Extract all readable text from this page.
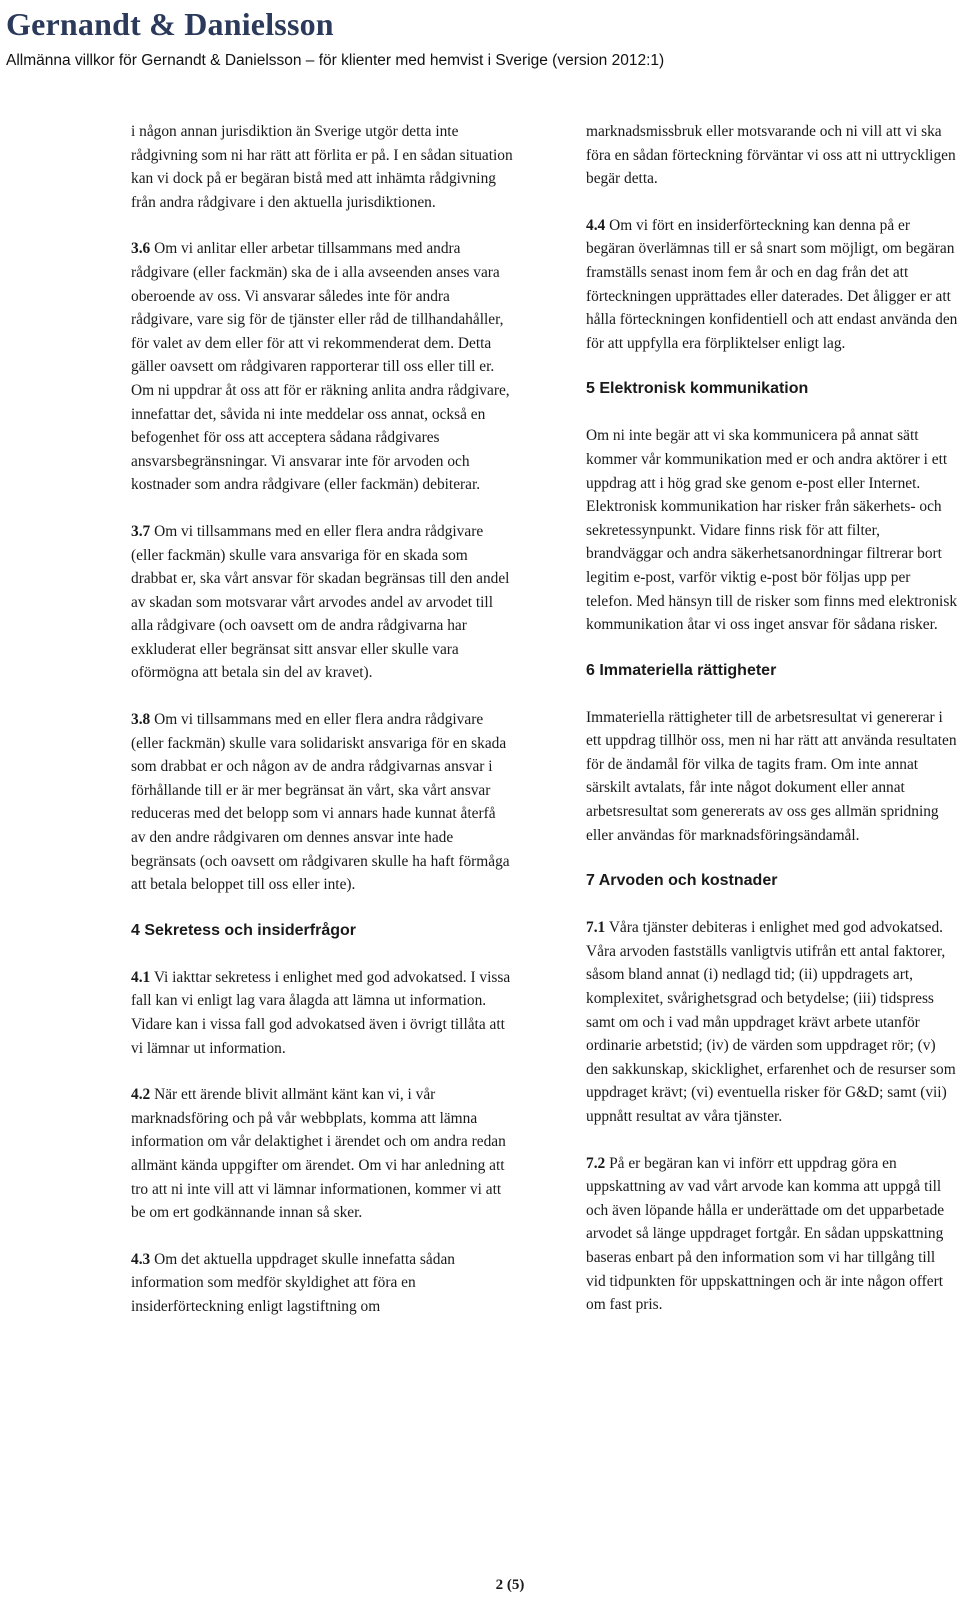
Gernandt & Danielsson
Allmänna villkor för Gernandt & Danielsson – för klienter med hemvist i Sverige (version 2012:1)

i någon annan jurisdiktion än Sverige utgör detta inte rådgivning som ni har rätt att förlita er på. I en sådan situation kan vi dock på er begäran bistå med att inhämta rådgivning från andra rådgivare i den aktuella jurisdiktionen.

3.6 Om vi anlitar eller arbetar tillsammans med andra rådgivare (eller fackmän) ska de i alla avseenden anses vara oberoende av oss. Vi ansvarar således inte för andra rådgivare, vare sig för de tjänster eller råd de tillhandahåller, för valet av dem eller för att vi rekommenderat dem. Detta gäller oavsett om rådgivaren rapporterar till oss eller till er. Om ni uppdrar åt oss att för er räkning anlita andra rådgivare, innefattar det, såvida ni inte meddelar oss annat, också en befogenhet för oss att acceptera sådana rådgivares ansvarsbegränsningar. Vi ansvarar inte för arvoden och kostnader som andra rådgivare (eller fackmän) debiterar.

3.7 Om vi tillsammans med en eller flera andra rådgivare (eller fackmän) skulle vara ansvariga för en skada som drabbat er, ska vårt ansvar för skadan begränsas till den andel av skadan som motsvarar vårt arvodes andel av arvodet till alla rådgivare (och oavsett om de andra rådgivarna har exkluderat eller begränsat sitt ansvar eller skulle vara oförmögna att betala sin del av kravet).

3.8 Om vi tillsammans med en eller flera andra rådgivare (eller fackmän) skulle vara solidariskt ansvariga för en skada som drabbat er och någon av de andra rådgivarnas ansvar i förhållande till er är mer begränsat än vårt, ska vårt ansvar reduceras med det belopp som vi annars hade kunnat återfå av den andre rådgivaren om dennes ansvar inte hade begränsats (och oavsett om rådgivaren skulle ha haft förmåga att betala beloppet till oss eller inte).

4 Sekretess och insiderfrågor

4.1 Vi iakttar sekretess i enlighet med god advokatsed. I vissa fall kan vi enligt lag vara ålagda att lämna ut information. Vidare kan i vissa fall god advokatsed även i övrigt tillåta att vi lämnar ut information.

4.2 När ett ärende blivit allmänt känt kan vi, i vår marknadsföring och på vår webbplats, komma att lämna information om vår delaktighet i ärendet och om andra redan allmänt kända uppgifter om ärendet. Om vi har anledning att tro att ni inte vill att vi lämnar informationen, kommer vi att be om ert godkännande innan så sker.

4.3 Om det aktuella uppdraget skulle innefatta sådan information som medför skyldighet att föra en insiderförteckning enligt lagstiftning om

marknadsmissbruk eller motsvarande och ni vill att vi ska föra en sådan förteckning förväntar vi oss att ni uttryckligen begär detta.

4.4 Om vi fört en insiderförteckning kan denna på er begäran överlämnas till er så snart som möjligt, om begäran framställs senast inom fem år och en dag från det att förteckningen upprättades eller daterades. Det åligger er att hålla förteckningen konfidentiell och att endast använda den för att uppfylla era förpliktelser enligt lag.

5 Elektronisk kommunikation

Om ni inte begär att vi ska kommunicera på annat sätt kommer vår kommunikation med er och andra aktörer i ett uppdrag att i hög grad ske genom e-post eller Internet. Elektronisk kommunikation har risker från säkerhets- och sekretessynpunkt. Vidare finns risk för att filter, brandväggar och andra säkerhetsanordningar filtrerar bort legitim e-post, varför viktig e-post bör följas upp per telefon. Med hänsyn till de risker som finns med elektronisk kommunikation åtar vi oss inget ansvar för sådana risker.

6 Immateriella rättigheter

Immateriella rättigheter till de arbetsresultat vi genererar i ett uppdrag tillhör oss, men ni har rätt att använda resultaten för de ändamål för vilka de tagits fram. Om inte annat särskilt avtalats, får inte något dokument eller annat arbetsresultat som genererats av oss ges allmän spridning eller användas för marknadsföringsändamål.

7 Arvoden och kostnader

7.1 Våra tjänster debiteras i enlighet med god advokatsed. Våra arvoden fastställs vanligtvis utifrån ett antal faktorer, såsom bland annat (i) nedlagd tid; (ii) uppdragets art, komplexitet, svårighetsgrad och betydelse; (iii) tidspress samt om och i vad mån uppdraget krävt arbete utanför ordinarie arbetstid; (iv) de värden som uppdraget rör; (v) den sakkunskap, skicklighet, erfarenhet och de resurser som uppdraget krävt; (vi) eventuella risker för G&D; samt (vii) uppnått resultat av våra tjänster.

7.2 På er begäran kan vi införr ett uppdrag göra en uppskattning av vad vårt arvode kan komma att uppgå till och även löpande hålla er underättade om det upparbetade arvodet så länge uppdraget fortgår. En sådan uppskattning baseras enbart på den information som vi har tillgång till vid tidpunkten för uppskattningen och är inte någon offert om fast pris.

2 (5)
